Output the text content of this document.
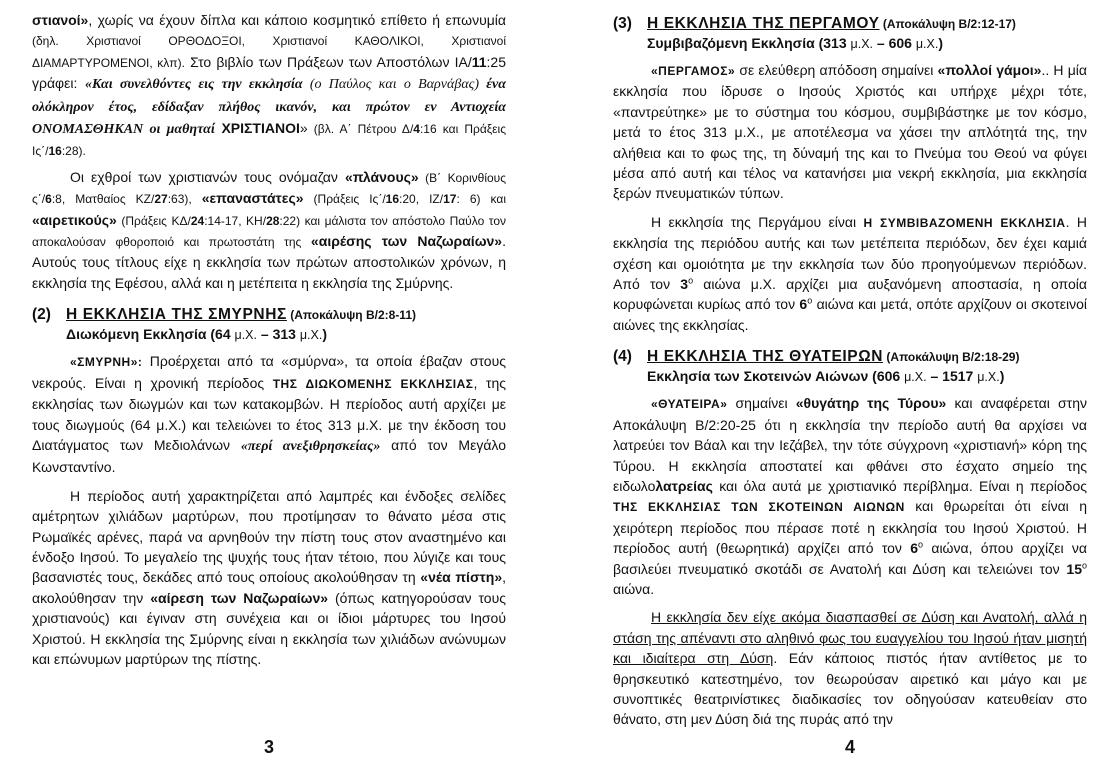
στιανοί», χωρίς να έχουν δίπλα και κάποιο κοσμητικό επίθετο ή επωνυμία (δηλ. Χριστιανοί ΟΡΘΟΔΟΞΟΙ, Χριστιανοί ΚΑΘΟΛΙΚΟΙ, Χριστιανοί ΔΙΑΜΑΡΤΥΡΟΜΕΝΟΙ, κλπ). Στο βιβλίο των Πράξεων των Αποστόλων ΙΑ/11:25 γράφει: «Και συνελθόντες εις την εκκλησία (ο Παύλος και ο Βαρνάβας) ένα ολόκληρον έτος, εδίδαξαν πλήθος ικανόν, και πρώτον εν Αντιοχεία ΟΝΟΜΑΣΘΗΚΑΝ οι μαθηταί ΧΡΙΣΤΙΑΝΟΙ» (βλ. Α΄ Πέτρου Δ/4:16 και Πράξεις Ις΄/16:28).

Οι εχθροί των χριστιανών τους ονόμαζαν «πλάνους» (Β΄ Κορινθίους ς΄/6:8, Ματθαίος ΚΖ/27:63), «επαναστάτες» (Πράξεις Ις΄/16:20, ΙΖ/17: 6) και «αιρετικούς» (Πράξεις ΚΔ/24:14-17, ΚΗ/28:22) και μάλιστα τον απόστολο Παύλο τον αποκαλούσαν φθοροποιό και πρωτοστάτη της «αιρέσης των Ναζωραίων». Αυτούς τους τίτλους είχε η εκκλησία των πρώτων αποστολικών χρόνων, η εκκλησία της Εφέσου, αλλά και η μετέπειτα η εκκλησία της Σμύρνης.

(2) Η ΕΚΚΛΗΣΙΑ ΤΗΣ ΣΜΥΡΝΗΣ (Αποκάλυψη Β/2:8-11)

Διωκόμενη Εκκλησία (64 μ.Χ. – 313 μ.Χ.)

«ΣΜΥΡΝΗ»: Προέρχεται από τα «σμύρνα», τα οποία έβαζαν στους νεκρούς. Είναι η χρονική περίοδος ΤΗΣ ΔΙΩΚΟΜΕΝΗΣ ΕΚΚΛΗΣΙΑΣ, της εκκλησίας των διωγμών και των κατακομβών. Η περίοδος αυτή αρχίζει με τους διωγμούς (64 μ.Χ.) και τελειώνει το έτος 313 μ.Χ. με την έκδοση του Διατάγματος των Μεδιολάνων «περί ανεξιθρησκείας» από τον Μεγάλο Κωνσταντίνο.

Η περίοδος αυτή χαρακτηρίζεται από λαμπρές και ένδοξες σελίδες αμέτρητων χιλιάδων μαρτύρων, που προτίμησαν το θάνατο μέσα στις Ρωμαϊκές αρένες, παρά να αρνηθούν την πίστη τους στον αναστημένο και ένδοξο Ιησού. Το μεγαλείο της ψυχής τους ήταν τέτοιο, που λύγιζε και τους βασανιστές τους, δεκάδες από τους οποίους ακολούθησαν τη «νέα πίστη», ακολούθησαν την «αίρεση των Ναζωραίων» (όπως κατηγορούσαν τους χριστιανούς) και έγιναν στη συνέχεια και οι ίδιοι μάρτυρες του Ιησού Χριστού. Η εκκλησία της Σμύρνης είναι η εκκλησία των χιλιάδων ανώνυμων και επώνυμων μαρτύρων της πίστης.

3

(3) Η ΕΚΚΛΗΣΙΑ ΤΗΣ ΠΕΡΓΑΜΟΥ (Αποκάλυψη Β/2:12-17)

Συμβιβαζόμενη Εκκλησία (313 μ.Χ. – 606 μ.Χ.)

«ΠΕΡΓΑΜΟΣ» σε ελεύθερη απόδοση σημαίνει «πολλοί γάμοι».. Η μία εκκλησία που ίδρυσε ο Ιησούς Χριστός και υπήρχε μέχρι τότε, «παντρεύτηκε» με το σύστημα του κόσμου, συμβιβάστηκε με τον κόσμο, μετά το έτος 313 μ.Χ., με αποτέλεσμα να χάσει την απλότητά της, την αλήθεια και το φως της, τη δύναμή της και το Πνεύμα του Θεού να φύγει μέσα από αυτή και τέλος να κατανήσει μια νεκρή εκκλησία, μια εκκλησία ξερών πνευματικών τύπων.

Η εκκλησία της Περγάμου είναι Η ΣΥΜΒΙΒΑΖΟΜΕΝΗ ΕΚΚΛΗΣΙΑ. Η εκκλησία της περιόδου αυτής και των μετέπειτα περιόδων, δεν έχει καμιά σχέση και ομοιότητα με την εκκλησία των δύο προηγούμενων περιόδων. Από τον $3^o$ αιώνα μ.Χ. αρχίζει μια αυξανόμενη αποστασία, η οποία κορυφώνεται κυρίως από τον $6^o$ αιώνα και μετά, οπότε αρχίζουν οι σκοτεινοί αιώνες της εκκλησίας.

(4) Η ΕΚΚΛΗΣΙΑ ΤΗΣ ΘΥΑΤΕΙΡΩΝ (Αποκάλυψη Β/2:18-29)

Εκκλησία των Σκοτεινών Αιώνων (606 μ.Χ. – 1517 μ.Χ.)

«ΘΥΑΤΕΙΡΑ» σημαίνει «θυγάτηρ της Τύρου» και αναφέρεται στην Αποκάλυψη Β/2:20-25 ότι η εκκλησία την περίοδο αυτή θα αρχίσει να λατρεύει τον Βάαλ και την Ιεζάβελ, την τότε σύγχρονη «χριστιανή» κόρη της Τύρου. Η εκκλησία αποστατεί και φθάνει στο έσχατο σημείο της ειδωλολατρείας και όλα αυτά με χριστιανικό περίβλημα. Είναι η περίοδος ΤΗΣ ΕΚΚΛΗΣΙΑΣ ΤΩΝ ΣΚΟΤΕΙΝΩΝ ΑΙΩΝΩΝ και θρωρείται ότι είναι η χειρότερη περίοδος που πέρασε ποτέ η εκκλησία του Ιησού Χριστού. Η περίοδος αυτή (θεωρητικά) αρχίζει από τον $6^o$ αιώνα, όπου αρχίζει να βασιλεύει πνευματικό σκοτάδι σε Ανατολή και Δύση και τελειώνει τον $15^o$ αιώνα.

Η εκκλησία δεν είχε ακόμα διασπασθεί σε Δύση και Ανατολή, αλλά η στάση της απέναντι στο αληθινό φως του ευαγγελίου του Ιησού ήταν μισητή και ιδιαίτερα στη Δύση. Εάν κάποιος πιστός ήταν αντίθετος με το θρησκευτικό κατεστημένο, τον θεωρούσαν αιρετικό και μάγο και με συνοπτικές θεατρινίστικες διαδικασίες τον οδηγούσαν κατευθείαν στο θάνατο, στη μεν Δύση διά της πυράς από την

4
